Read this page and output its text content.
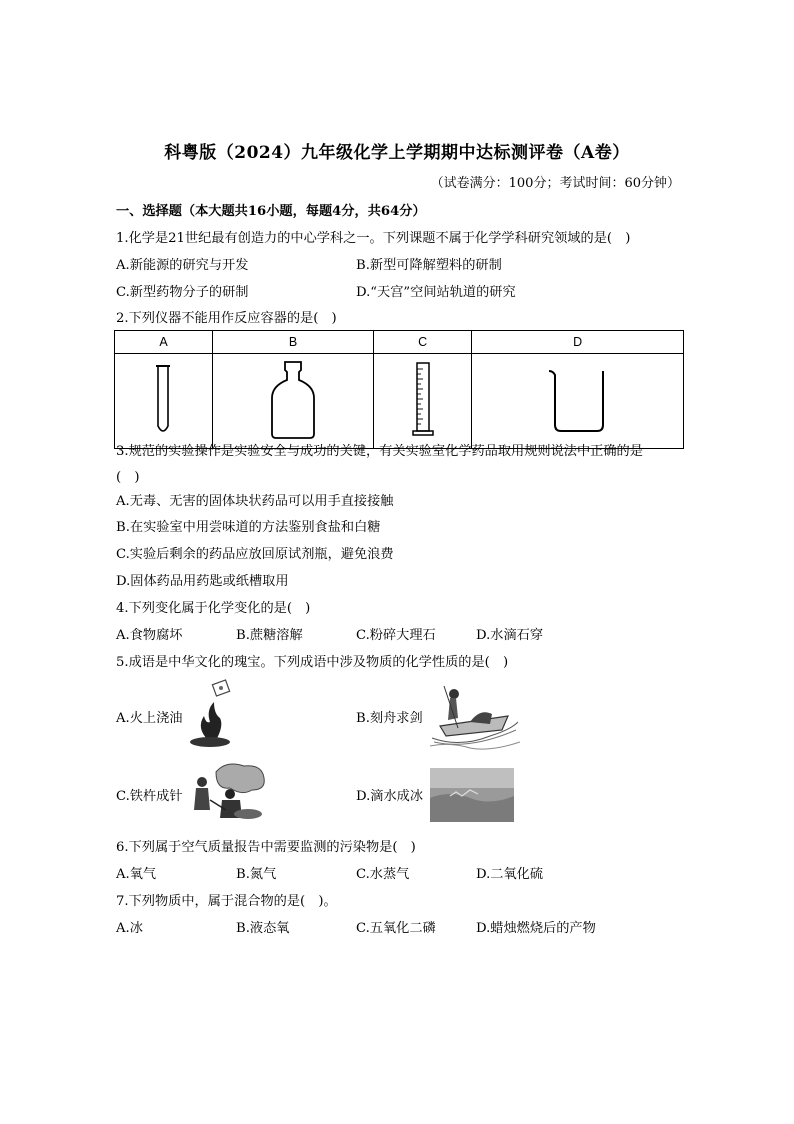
科粤版（2024）九年级化学上学期期中达标测评卷（A卷）
（试卷满分：100分；考试时间：60分钟）
一、选择题（本大题共16小题，每题4分，共64分）
1.化学是21世纪最有创造力的中心学科之一。下列课题不属于化学学科研究领域的是(　)
A.新能源的研究与开发	B.新型可降解塑料的研制
C.新型药物分子的研制	D.“天宫”空间站轨道的研究
2.下列仪器不能用作反应容器的是(　)
A	B	C	D

3.规范的实验操作是实验安全与成功的关键，有关实验室化学药品取用规则说法中正确的是
(　)
A.无毒、无害的固体块状药品可以用手直接接触
B.在实验室中用尝味道的方法鉴别食盐和白糖
C.实验后剩余的药品应放回原试剂瓶，避免浪费
D.固体药品用药匙或纸槽取用
4.下列变化属于化学变化的是(　)
A.食物腐坏	B.蔗糖溶解	C.粉碎大理石	D.水滴石穿
5.成语是中华文化的瑰宝。下列成语中涉及物质的化学性质的是(　)
A.火上浇油	B.刻舟求剑
C.铁杵成针	D.滴水成冰
6.下列属于空气质量报告中需要监测的污染物是(　)
A.氧气	B.氮气	C.水蒸气	D.二氧化硫
7.下列物质中，属于混合物的是(　)。
A.冰	B.液态氧	C.五氧化二磷	D.蜡烛燃烧后的产物
